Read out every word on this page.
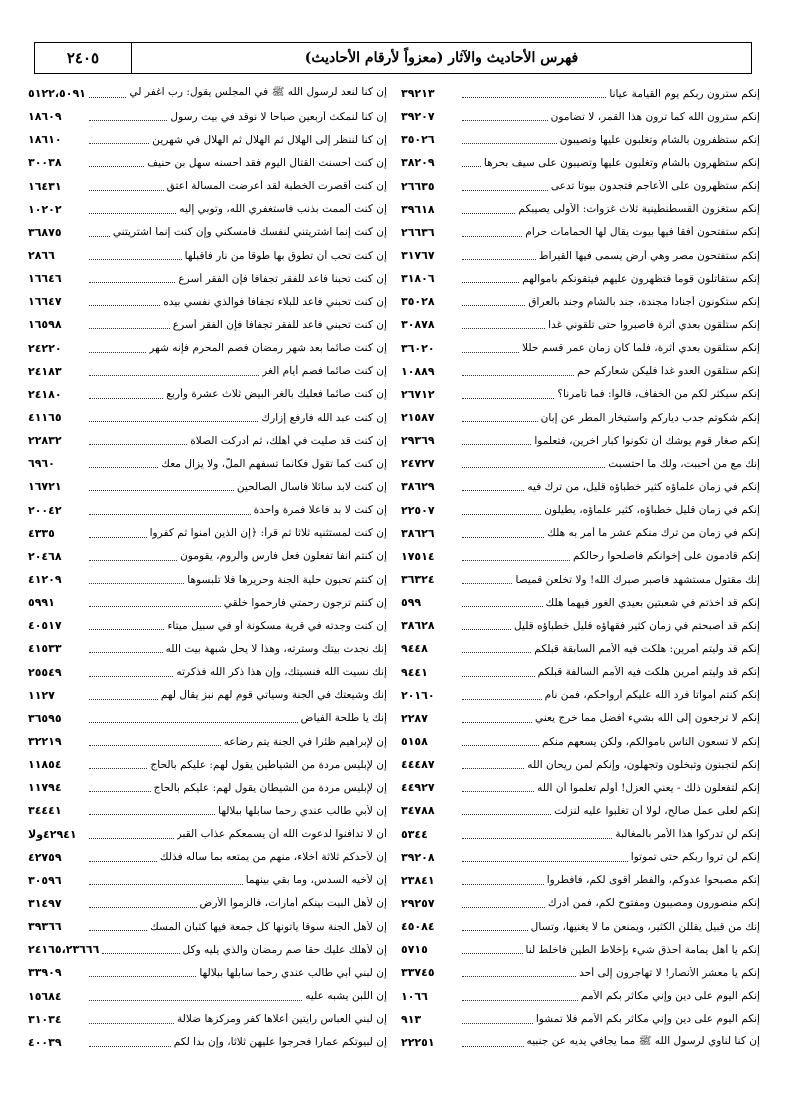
٢٤٠٥	فهرس الأحاديث والآثار (معزواً لأرقام الأحاديث)
٥١٢٢،٥٠٩١	إن كنا لنعد لرسول الله ﷺ في المجلس يقول: رب اغفر لي
١٨٦٠٩	إن كنا لنمكث أربعين صباحا لا نوقد في بيت رسول
١٨٦١٠	إن كنا لننظر إلى الهلال ثم الهلال ثم الهلال في شهرين
٣٠٠٣٨	إن كنت أحسنت القتال اليوم فقد أحسنه سهل بن حنيف
١٦٤٣١	إن كنت أقصرت الخطبة لقد أعرضت المسألة اعتق
١٠٢٠٢	إن كنت ألممت بذنب فاستغفري الله، وتوبي إليه
٣٦٨٧٥	إن كنت إنما اشتريتني لنفسك فأمسكني وإن كنت إنما اشتريتني
٢٨٦٦	إن كنت تحب أن تطوق بها طوقا من نار فاقبلها
١٦٦٤٦	إن كنت تحبنا فأعد للفقر تجفافا فإن الفقر أسرع
١٦٦٤٧	إن كنت تحبني فأعد للبلاء تجفافا فوالذي نفسي بيده
١٦٥٩٨	إن كنت تحبني فأعد للفقر تجفافا فإن الفقر أسرع
٢٤٢٢٠	إن كنت صائما بعد شهر رمضان فصم المحرم فإنه شهر
٢٤١٨٣	إن كنت صائما فصم أيام الغر
٢٤١٨٠	إن كنت صائما فعليك بالغر البيض ثلاث عشرة وأربع
٤١١٦٥	إن كنت عبد الله فارفع إزارك
٢٢٨٣٢	إن كنت قد صليت في أهلك، ثم أدركت الصلاة
٦٩٦٠	إن كنت كما تقول فكأنما تسفهم الملّ، ولا يزال معك
١٦٧٢١	إن كنت لابد سائلا فاسأل الصالحين
٢٠٠٤٢	إن كنت لا بد فاعلا فمرة واحدة
٤٣٣٥	إن كنت لمستثنيه ثلاثا ثم قرأ: ﴿إن الذين آمنوا ثم كفروا
٢٠٤٦٨	إن كنتم آنفا تفعلون فعل فارس والروم، يقومون
٤١٢٠٩	إن كنتم تحبون حلية الجنة وحريرها فلا تلبسوها
٥٩٩١	إن كنتم ترجون رحمتي فارحموا خلقي
٤٠٥١٧	إن كنت وجدته في قرية مسكونة أو في سبيل ميتاء
٤١٥٣٣	إنك نجدت بيتك وسترته، وهذا لا يحل شبهة بيت الله
٢٥٥٤٩	إنك نسيت الله فنسيتك، وإن هذا ذكر الله فذكرته
١١٢٧	إنك وشيعتك في الجنة وسيأتي قوم لهم نبز يقال لهم
٣٦٥٩٥	إنك يا طلحة الفياض
٣٢٢١٩	إن لإبراهيم ظئرا في الجنة يتم رضاعه
١١٨٥٤	إن لإبليس مردة من الشياطين يقول لهم: عليكم بالحاج
١١٧٩٤	إن لإبليس مردة من الشيطان يقول لهم: عليكم بالحاج
٣٤٤٤١	إن لأبي طالب عندي رحما سأبلها ببلالها
٤٢٩٤١ولا	أن لا تدافنوا لدعوت الله أن يسمعكم عذاب القبر
٤٢٧٥٩	إن لأحدكم ثلاثة أخلاء، منهم من يمتعه بما سأله فذلك
٣٠٥٩٦	إن لأخيه السدس، وما بقي بينهما
٣١٤٩٧	إن لأهل البيت بينكم أمارات، فالزموا الأرض
٣٩٣٦٦	إن لأهل الجنة سوقا يأتونها كل جمعة فيها كثبان المسك
٢٤١٦٥،٢٣٦٦٦	إن لأهلك عليك حقاً صم رمضان والذي يليه وكل
٣٣٩٠٩	إن لبني أبي طالب عندي رحما سأبلها ببلالها
١٥٦٨٤	إن اللبن يشبه عليه
٣١٠٣٤	إن لبني العباس رايتين أعلاها كفر ومركزها ضلالة
٤٠٠٣٩	إن لبيوتكم عمارا فحرجوا عليهن ثلاثا، وإن بدا لكم
٣٩٢١٣	إنكم سترون ربكم يوم القيامة عيانا
٣٩٢٠٧	إنكم سترون الله كما ترون هذا القمر، لا تضامون
٣٥٠٢٦	إنكم ستظفرون بالشام وتغلبون عليها وتصيبون
٣٨٢٠٩	إنكم ستظهرون بالشام وتغلبون عليها وتصيبون على سيف بحرها
٢٦٦٣٥	إنكم ستظهرون على الأعاجم فتجدون بيوتا تدعى
٣٩٦١٨	إنكم ستغزون القسطنطينية ثلاث غزوات: الأولى يصيبكم
٢٦٦٣٦	إنكم ستفتحون أفقا فيها بيوت يقال لها الحمامات حرام
٣١٧٦٧	إنكم ستفتحون مصر وهي أرض يسمى فيها القيراط
٣١٨٠٦	إنكم ستقاتلون قوماً فتظهرون عليهم فيتقونكم بأموالهم
٣٥٠٢٨	إنكم ستكونون أجنادا مجندة، جند بالشام وجند بالعراق
٣٠٨٧٨	إنكم ستلقون بعدي أثرة فاصبروا حتى تلقوني غدا
٣٦٠٢٠	إنكم ستلقون بعدي أثرة، فلما كان زمان عمر قسم حللا
١٠٨٨٩	إنكم ستلقون العدو غدا فليكن شعاركم حم
٢٦٧١٢	إنكم سيكثر لكم من الخفاف، قالوا: فما تأمرنا؟
٢١٥٨٧	إنكم شكوتم جدب دياركم واستيخار المطر عن إبان
٢٩٣٦٩	إنكم صغار قوم يوشك أن تكونوا كبار آخرين، فتعلموا
٢٤٧٢٧	إنك مع من أحببت، ولك ما احتسبت
٣٨٦٢٩	إنكم في زمان علماؤه كثير خطباؤه قليل، من ترك فيه
٢٢٥٠٧	إنكم في زمان قليل خطباؤه، كثير علماؤه، يطيلون
٣٨٦٢٦	إنكم في زمان من ترك منكم عشر ما أمر به هلك
١٧٥١٤	إنكم قادمون على إخوانكم فأصلحوا رحالكم
٣٦٣٢٤	إنك مقتول مستشهد فاصبر صبرك الله! ولا تخلعن قميصا
٥٩٩	إنكم قد أخذتم في شعبتين بعيدي الغور فيهما هلك
٣٨٦٢٨	إنكم قد أصبحتم في زمان كثير فقهاؤه قليل خطباؤه قليل
٩٤٤٨	إنكم قد وليتم أمرين: هلكت فيه الأمم السابقة قبلكم
٩٤٤١	إنكم قد وليتم أمرين هلكت فيه الأمم السالفة قبلكم
٢٠١٦٠	إنكم كنتم أمواتا فرد الله عليكم أرواحكم، فمن نام
٢٢٨٧	إنكم لا ترجعون إلى الله بشيء أفضل مما خرج يعني
٥١٥٨	إنكم لا تسعون الناس بأموالكم، ولكن يسعهم منكم
٤٤٤٨٧	إنكم لتجبنون وتبخلون وتجهلون، وإنكم لمن ريحان الله
٤٤٩٢٧	إنكم لتفعلون ذلك - يعني العزل! أولم تعلموا أن الله
٣٤٧٨٨	إنكم لعلى عمل صالح، لولا أن تغلبوا عليه لنزلت
٥٣٤٤	إنكم لن تدركوا هذا الأمر بالمغالبة
٣٩٢٠٨	إنكم لن تروا ربكم حتى تموتوا
٢٣٨٤١	إنكم مصبحوا عدوكم، والفطر أقوى لكم، فأفطروا
٢٩٢٥٧	إنكم منصورون ومصيبون ومفتوح لكم، فمن أدرك
٤٥٠٨٤	إنك من قبيل يقللن الكثير، ويمنعن ما لا يغنيها، وتسأل
٥٧١٥	إنكم يا أهل يمامة أحذق شيء بإخلاط الطين فأخلط لنا
٣٣٧٤٥	إنكم يا معشر الأنصار! لا تهاجرون إلى أحد
١٠٦٦	إنكم اليوم على دين وإني مكاثر بكم الأمم
٩١٣	إنكم اليوم على دين وإني مكاثر بكم الأمم فلا تمشوا
٢٢٢٥١	إن كنا لنأوي لرسول الله ﷺ مما يجافي يديه عن جنبيه
